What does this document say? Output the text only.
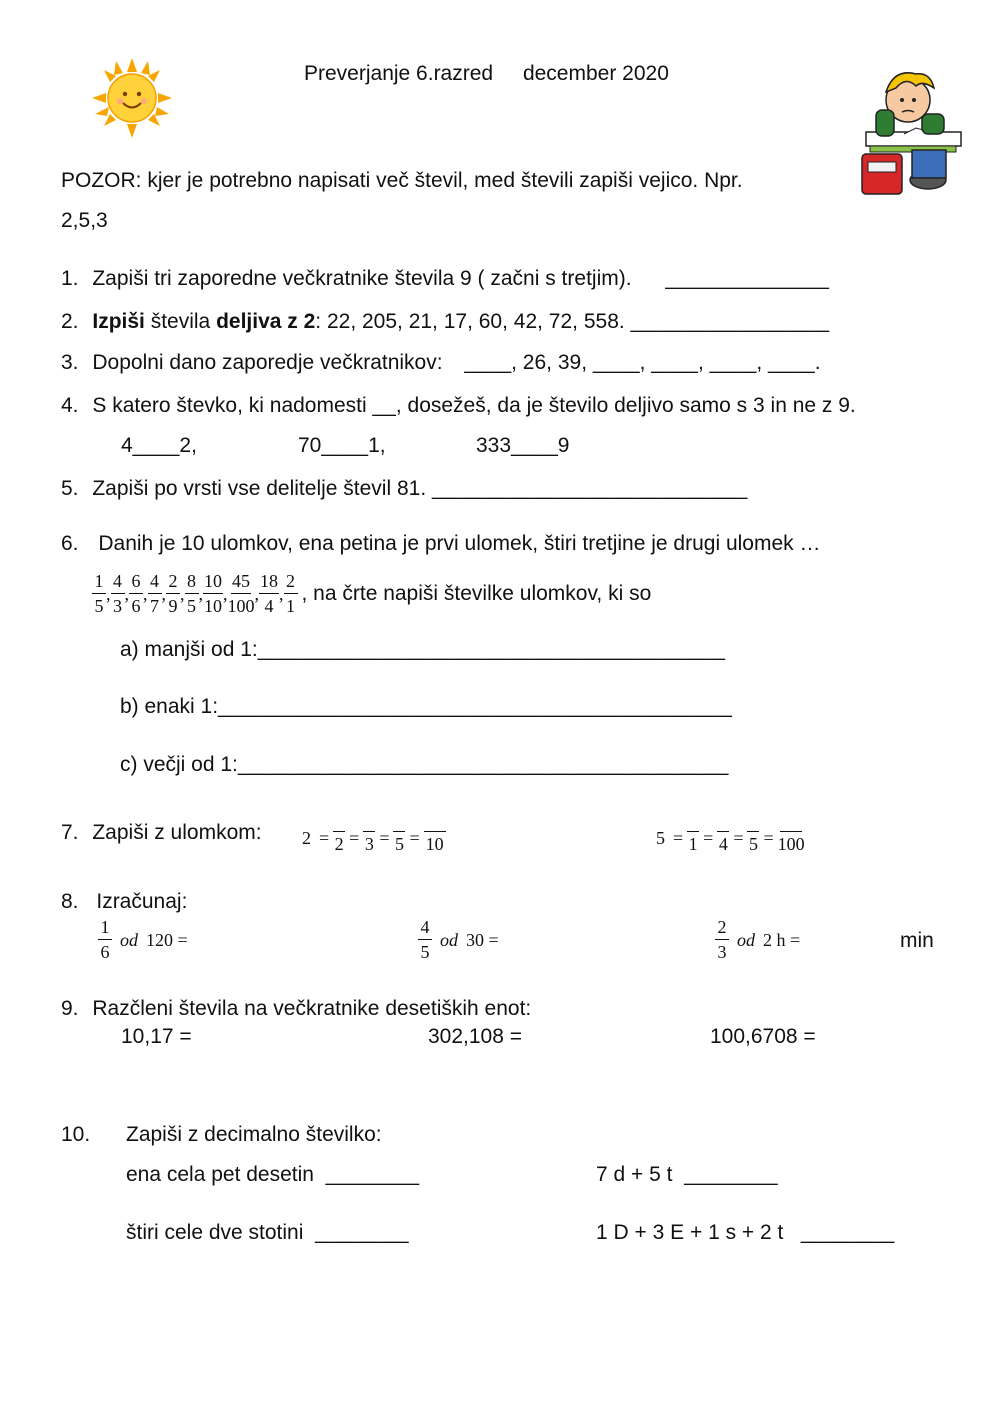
Preverjanje 6.razred december 2020
POZOR: kjer je potrebno napisati več števil, med števili zapiši vejico. Npr.
2,5,3
1. Zapiši tri zaporedne večkratnike števila 9 ( začni s tretjim). ______________
2. Izpiši števila deljiva z 2: 22, 205, 21, 17, 60, 42, 72, 558. _________________
3. Dopolni dano zaporedje večkratnikov: ____, 26, 39, ____, ____, ____, ____.
4. S katero števko, ki nadomesti __, dosežeš, da je število deljivo samo s 3 in ne z 9.
4____2,	70____1,	333____9
5. Zapiši po vrsti vse delitelje števil 81. ___________________________
6. Danih je 10 ulomkov, ena petina je prvi ulomek, štiri tretjine je drugi ulomek …
$\frac{1}{5}$ , $\frac{4}{3}$ , $\frac{6}{6}$ , $\frac{4}{7}$ , $\frac{2}{9}$ , $\frac{8}{5}$ , $\frac{10}{10}$ , $\frac{45}{100}$ , $\frac{18}{4}$ , $\frac{2}{1}$ , na črte napiši številke ulomkov, ki so
a) manjši od 1:________________________________________
b) enaki 1:____________________________________________
c) večji od 1:__________________________________________
7. Zapiši z ulomkom: 2 = 2 = 3 = 5 = 10	5 = 1 = 4 = 5 = 100
8. Izračunaj:
$\frac{1}{6}$ od 120 =	$\frac{4}{5}$ od 30 =	$\frac{2}{3}$ od 2 h =	min
9. Razčleni števila na večkratnike desetiških enot:
10,17 =	302,108 =	100,6708 =
10. Zapiši z decimalno številko:
ena cela pet desetin  ________	7 d + 5 t  ________
štiri cele dve stotini  ________	1 D + 3 E + 1 s + 2 t   ________
